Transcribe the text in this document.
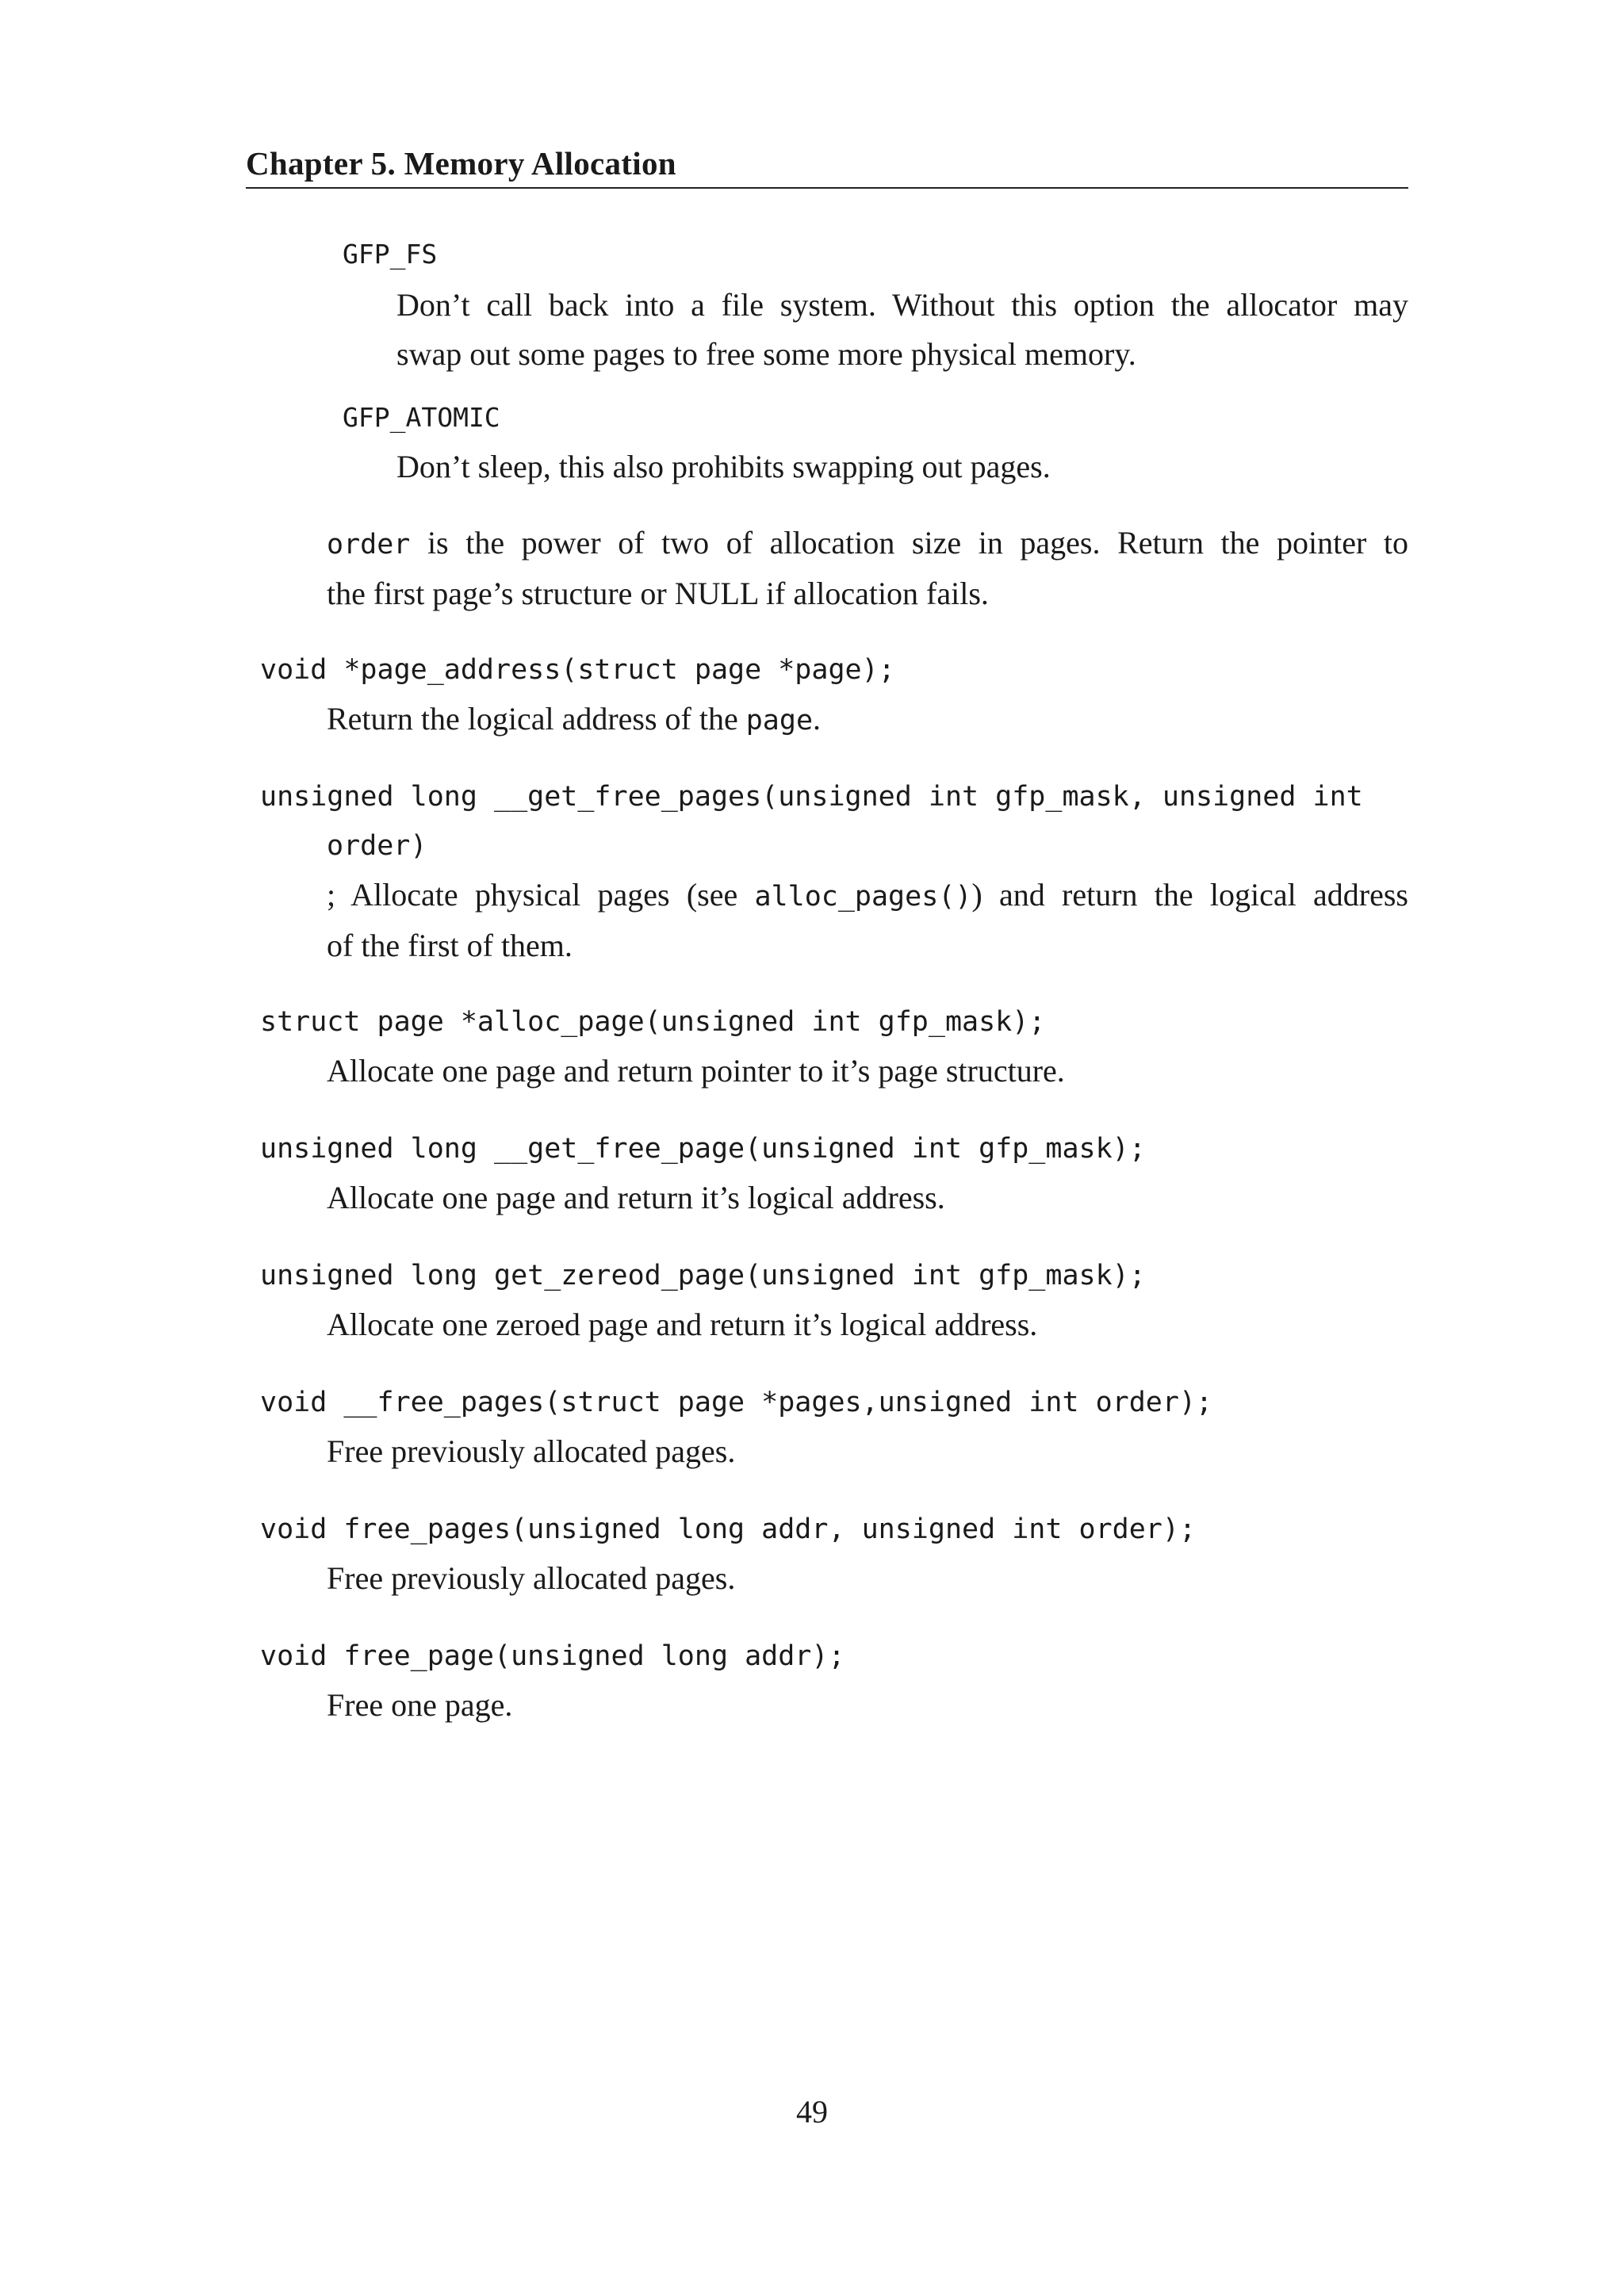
Chapter 5. Memory Allocation
GFP_FS
Don’t call back into a file system. Without this option the allocator may
swap out some pages to free some more physical memory.
GFP_ATOMIC
Don’t sleep, this also prohibits swapping out pages.
order is the power of two of allocation size in pages. Return the pointer to
the first page’s structure or NULL if allocation fails.
void *page_address(struct page *page);
Return the logical address of the page.
unsigned long __get_free_pages(unsigned int gfp_mask, unsigned int
order)
; Allocate physical pages (see alloc_pages()) and return the logical address
of the first of them.
struct page *alloc_page(unsigned int gfp_mask);
Allocate one page and return pointer to it’s page structure.
unsigned long __get_free_page(unsigned int gfp_mask);
Allocate one page and return it’s logical address.
unsigned long get_zereod_page(unsigned int gfp_mask);
Allocate one zeroed page and return it’s logical address.
void __free_pages(struct page *pages,unsigned int order);
Free previously allocated pages.
void free_pages(unsigned long addr, unsigned int order);
Free previously allocated pages.
void free_page(unsigned long addr);
Free one page.
49
